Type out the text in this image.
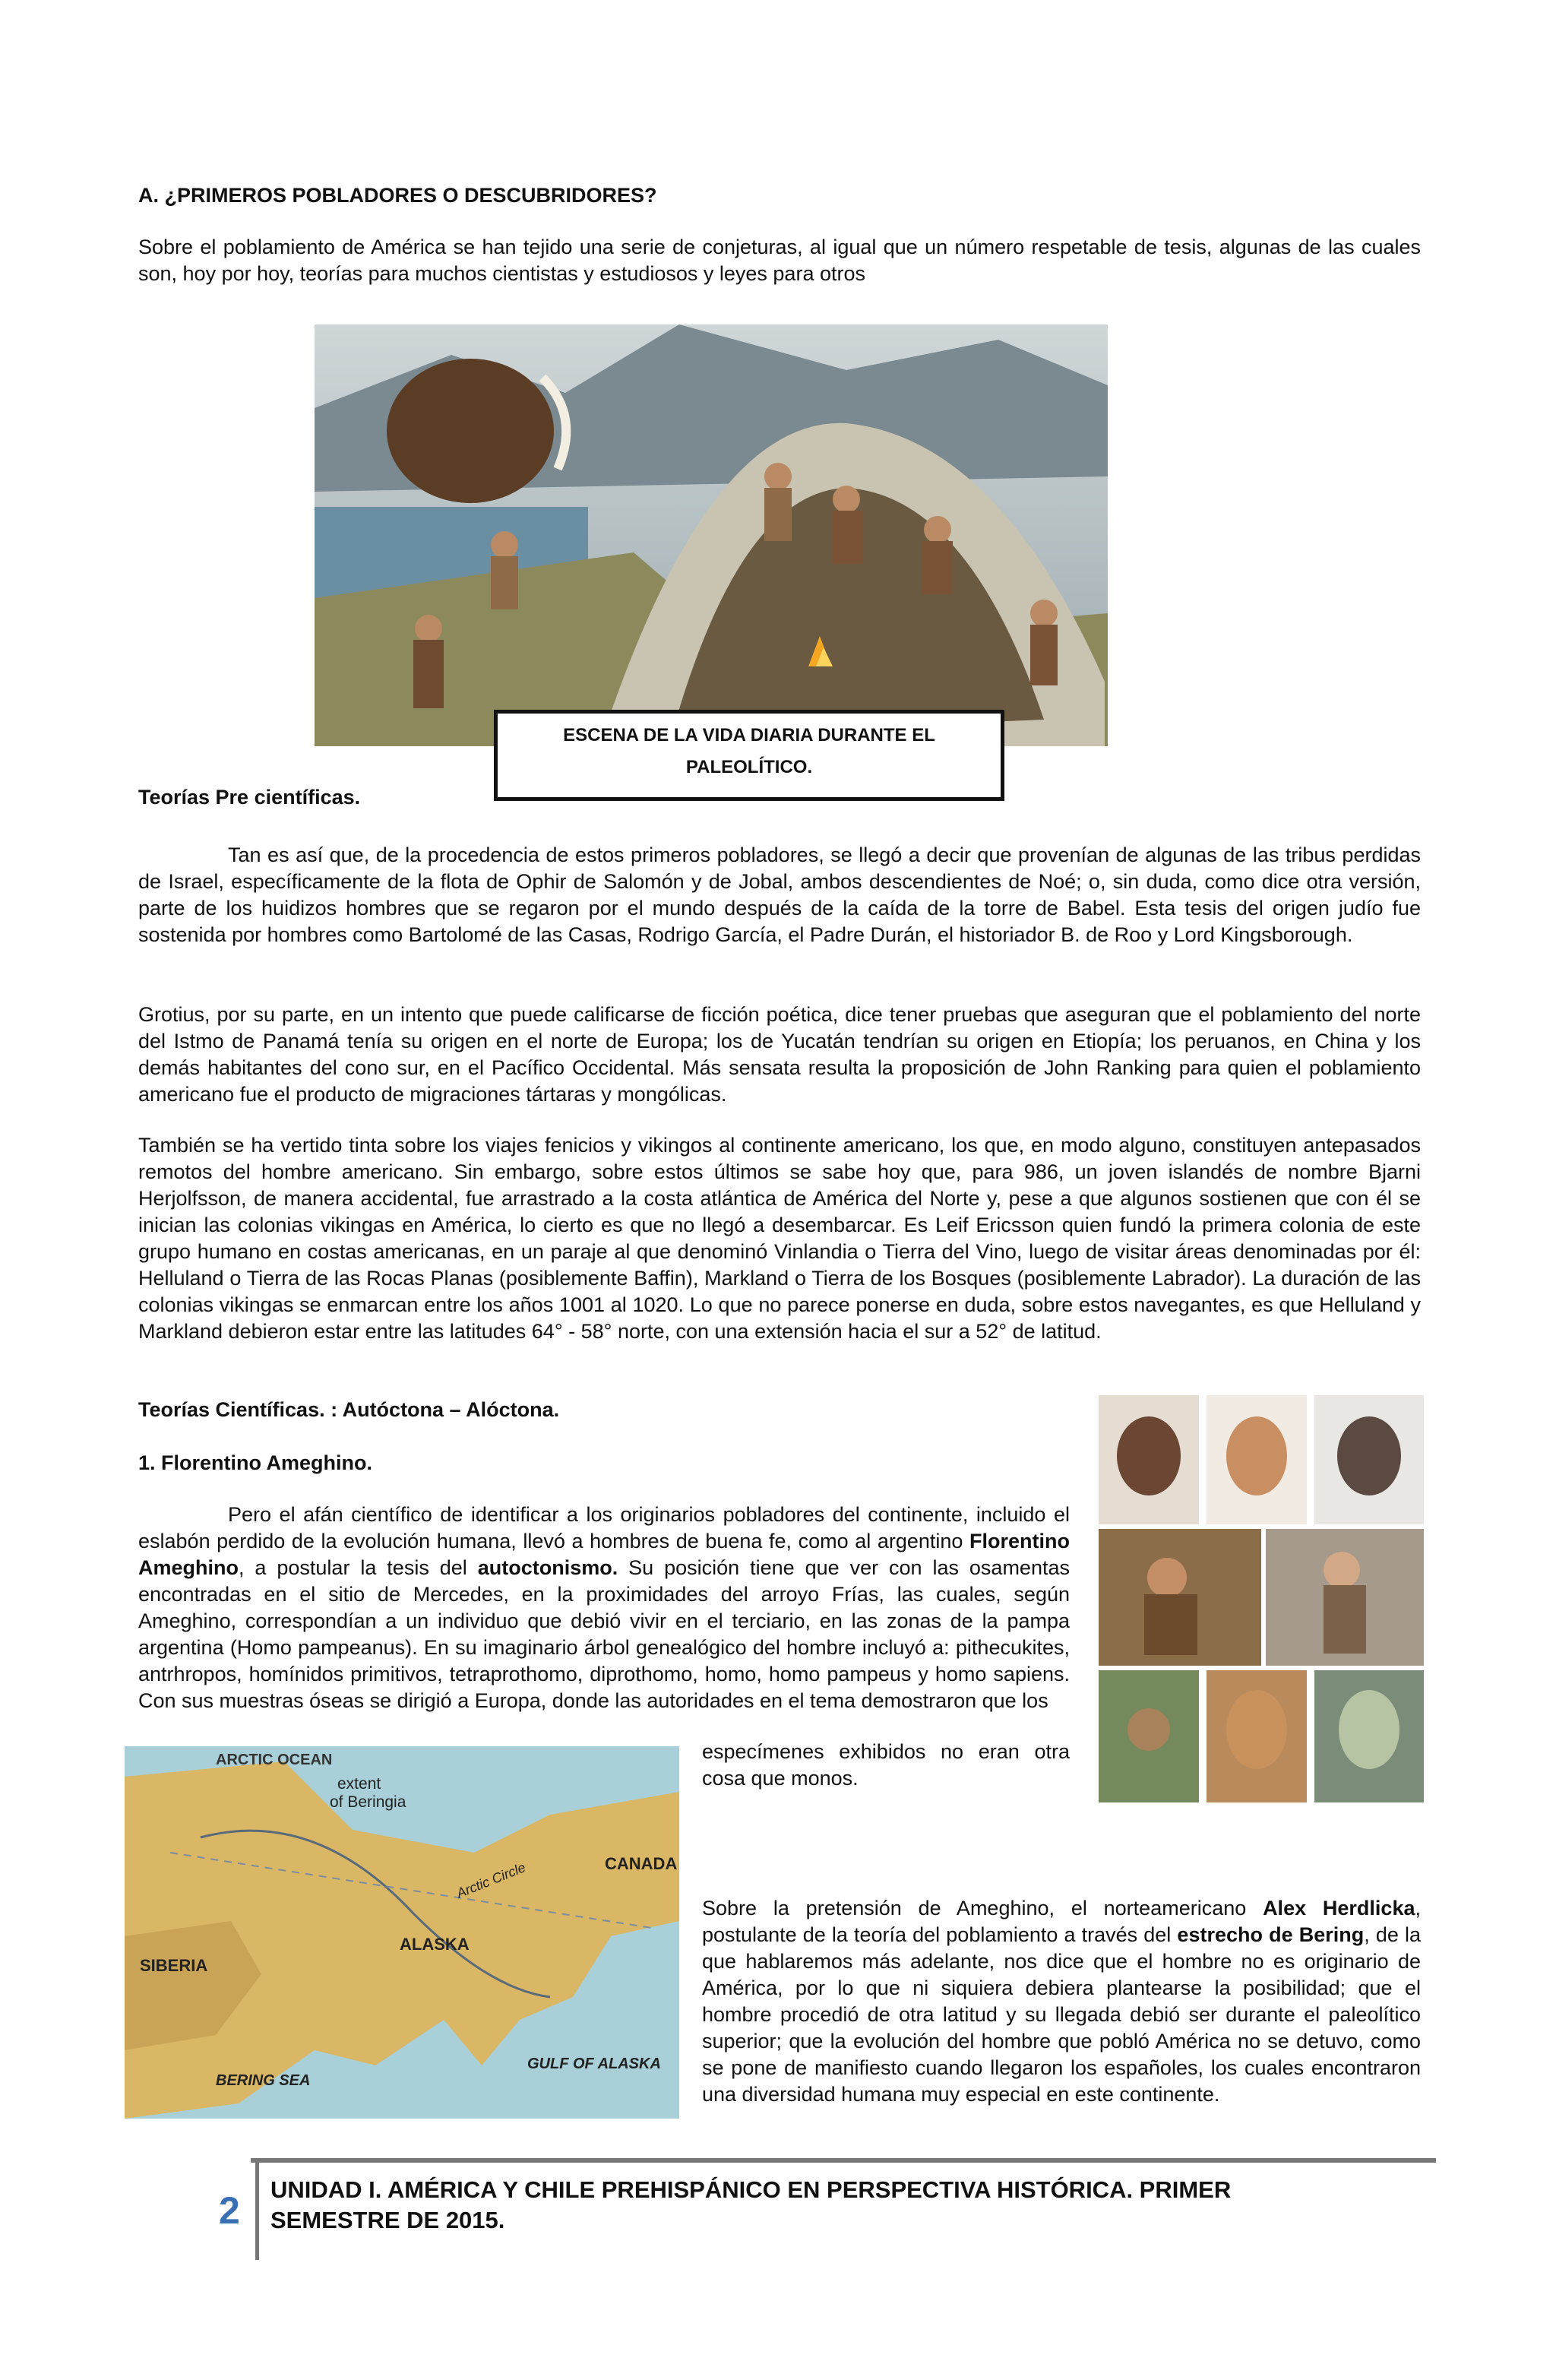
A. ¿PRIMEROS POBLADORES O DESCUBRIDORES?

Sobre el poblamiento de América se han tejido una serie de conjeturas, al igual que un número respetable de tesis, algunas de las cuales son, hoy por hoy, teorías para muchos cientistas y estudiosos y leyes para otros

ESCENA DE LA VIDA DIARIA DURANTE EL
PALEOLÍTICO.
Teorías Pre científicas.

Tan es así que, de la procedencia de estos primeros pobladores, se llegó a decir que provenían de algunas de las tribus perdidas de Israel, específicamente de la flota de Ophir de Salomón y de Jobal, ambos descendientes de Noé; o, sin duda, como dice otra versión, parte de los huidizos hombres que se regaron por el mundo después de la caída de la torre de Babel. Esta tesis del origen judío fue sostenida por hombres como Bartolomé de las Casas, Rodrigo García, el Padre Durán, el historiador B. de Roo y Lord Kingsborough.

Grotius, por su parte, en un intento que puede calificarse de ficción poética, dice tener pruebas que aseguran que el poblamiento del norte del Istmo de Panamá tenía su origen en el norte de Europa; los de Yucatán tendrían su origen en Etiopía; los peruanos, en China y los demás habitantes del cono sur, en el Pacífico Occidental. Más sensata resulta la proposición de John Ranking para quien el poblamiento americano fue el producto de migraciones tártaras y mongólicas.

También se ha vertido tinta sobre los viajes fenicios y vikingos al continente americano, los que, en modo alguno, constituyen antepasados remotos del hombre americano. Sin embargo, sobre estos últimos se sabe hoy que, para 986, un joven islandés de nombre Bjarni Herjolfsson, de manera accidental, fue arrastrado a la costa atlántica de América del Norte y, pese a que algunos sostienen que con él se inician las colonias vikingas en América, lo cierto es que no llegó a desembarcar. Es Leif Ericsson quien fundó la primera colonia de este grupo humano en costas americanas, en un paraje al que denominó Vinlandia o Tierra del Vino, luego de visitar áreas denominadas por él: Helluland o Tierra de las Rocas Planas (posiblemente Baffin), Markland o Tierra de los Bosques (posiblemente Labrador). La duración de las colonias vikingas se enmarcan entre los años 1001 al 1020. Lo que no parece ponerse en duda, sobre estos navegantes, es que Helluland y Markland debieron estar entre las latitudes 64° - 58° norte, con una extensión hacia el sur a 52° de latitud.

Teorías Científicas. : Autóctona – Alóctona.
1. Florentino Ameghino.

Pero el afán científico de identificar a los originarios pobladores del continente, incluido el eslabón perdido de la evolución humana, llevó a hombres de buena fe, como al argentino Florentino Ameghino, a postular la tesis del autoctonismo. Su posición tiene que ver con las osamentas encontradas en el sitio de Mercedes, en la proximidades del arroyo Frías, las cuales, según Ameghino, correspondían a un individuo que debió vivir en el terciario, en las zonas de la pampa argentina (Homo pampeanus). En su imaginario árbol genealógico del hombre incluyó a: pithecukites, antrhropos, homínidos primitivos, tetraprothomo, diprothomo, homo, homo pampeus y homo sapiens. Con sus muestras óseas se dirigió a Europa, donde las autoridades en el tema demostraron que los

ARCTIC OCEAN
extent
of Beringia
CANADA
Arctic Circle
ALASKA
SIBERIA
BERING SEA
GULF OF ALASKA

especímenes exhibidos no eran otra cosa que monos.

Sobre la pretensión de Ameghino, el norteamericano Alex Herdlicka, postulante de la teoría del poblamiento a través del estrecho de Bering, de la que hablaremos más adelante, nos dice que el hombre no es originario de América, por lo que ni siquiera debiera plantearse la posibilidad; que el hombre procedió de otra latitud y su llegada debió ser durante el paleolítico superior; que la evolución del hombre que pobló América no se detuvo, como se pone de manifiesto cuando llegaron los españoles, los cuales encontraron una diversidad humana muy especial en este continente.

2 UNIDAD I. AMÉRICA Y CHILE PREHISPÁNICO EN PERSPECTIVA HISTÓRICA. PRIMER
SEMESTRE DE 2015.
